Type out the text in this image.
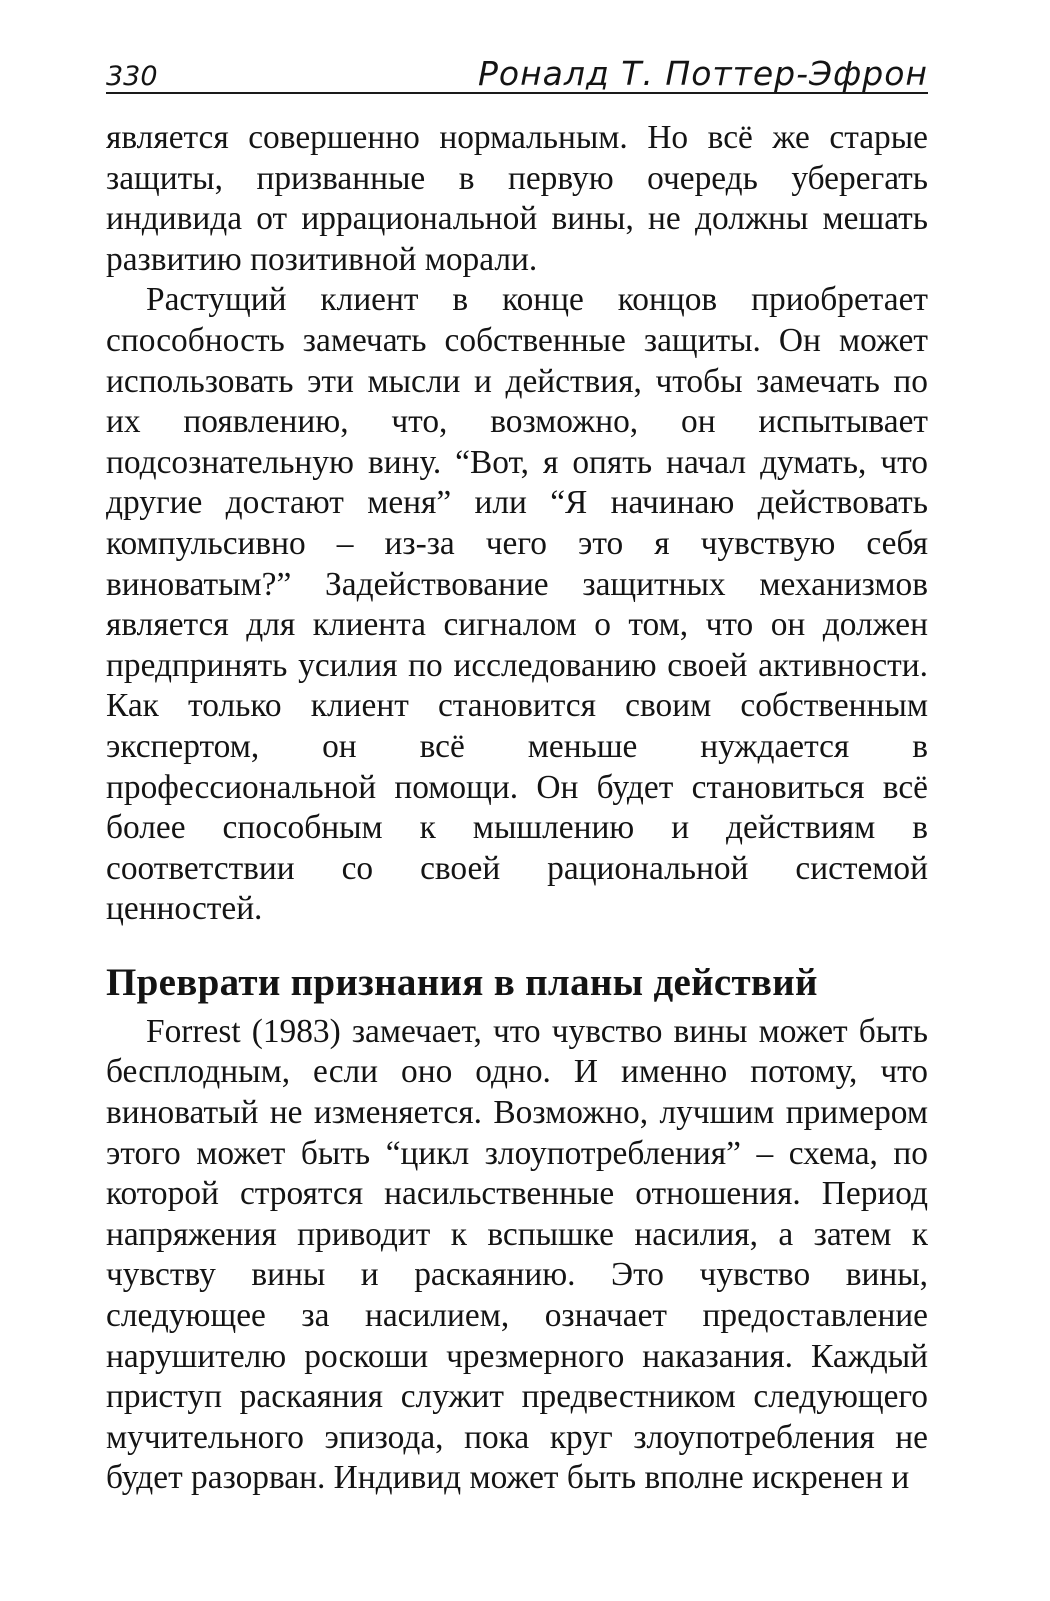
330	Роналд Т. Поттер-Эфрон

является совершенно нормальным. Но всё же старые защиты, призванные в первую очередь уберегать индивида от иррациональной вины, не должны мешать развитию позитивной морали.

Растущий клиент в конце концов приобретает способность замечать собственные защиты. Он может использовать эти мысли и действия, чтобы замечать по их появлению, что, возможно, он испытывает подсознательную вину. “Вот, я опять начал думать, что другие достают меня” или “Я начинаю действовать компульсивно – из-за чего это я чувствую себя виноватым?” Задействование защитных механизмов является для клиента сигналом о том, что он должен предпринять усилия по исследованию своей активности. Как только клиент становится своим собственным экспертом, он всё меньше нуждается в профессиональной помощи. Он будет становиться всё более способным к мышлению и действиям в соответствии со своей рациональной системой ценностей.

Преврати признания в планы действий

Forrest (1983) замечает, что чувство вины может быть бесплодным, если оно одно. И именно потому, что виноватый не изменяется. Возможно, лучшим примером этого может быть “цикл злоупотребления” – схема, по которой строятся насильственные отношения. Период напряжения приводит к вспышке насилия, а затем к чувству вины и раскаянию. Это чувство вины, следующее за насилием, означает предоставление нарушителю роскоши чрезмерного наказания. Каждый приступ раскаяния служит предвестником следующего мучительного эпизода, пока круг злоупотребления не будет разорван. Индивид может быть вполне искренен и
